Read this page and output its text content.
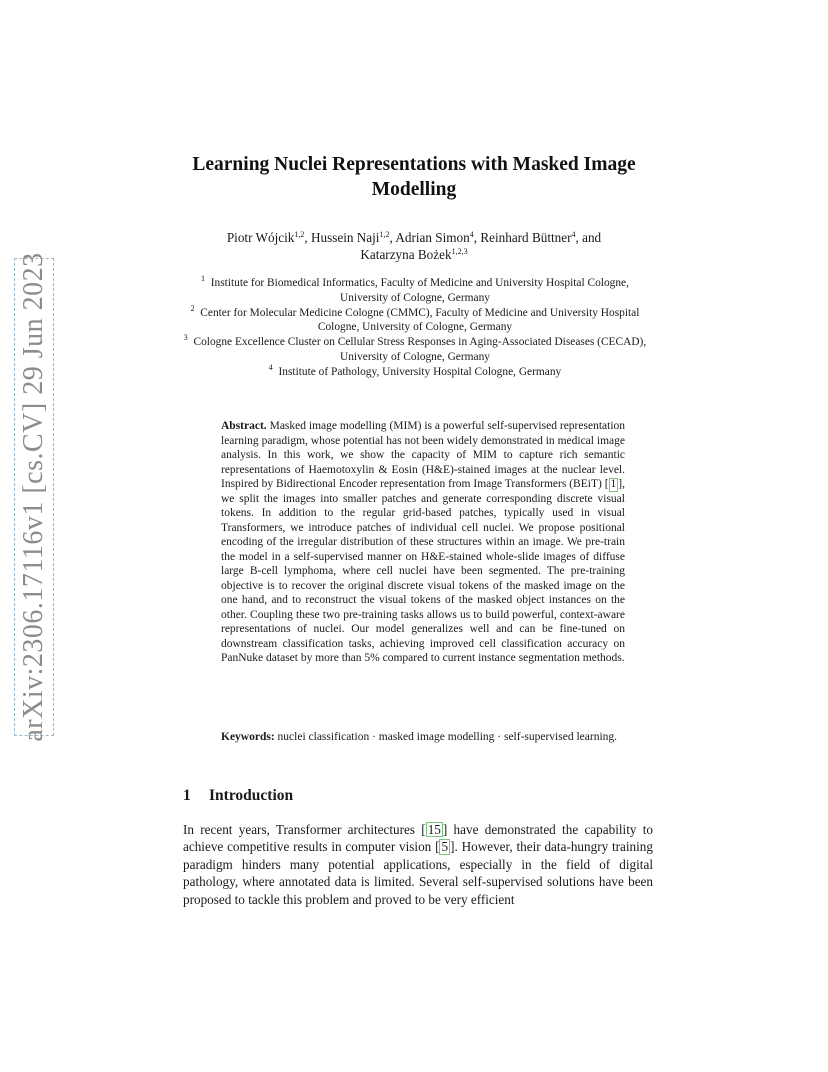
arXiv:2306.17116v1 [cs.CV] 29 Jun 2023
Learning Nuclei Representations with Masked Image Modelling
Piotr Wójcik$^{1,2}$, Hussein Naji$^{1,2}$, Adrian Simon$^4$, Reinhard Büttner$^4$, and
Katarzyna Bożek$^{1,2,3}$
$^1$ Institute for Biomedical Informatics, Faculty of Medicine and University Hospital Cologne, University of Cologne, Germany
$^2$ Center for Molecular Medicine Cologne (CMMC), Faculty of Medicine and University Hospital Cologne, University of Cologne, Germany
$^3$ Cologne Excellence Cluster on Cellular Stress Responses in Aging-Associated Diseases (CECAD), University of Cologne, Germany
$^4$ Institute of Pathology, University Hospital Cologne, Germany
Abstract. Masked image modelling (MIM) is a powerful self-supervised representation learning paradigm, whose potential has not been widely demonstrated in medical image analysis. In this work, we show the capacity of MIM to capture rich semantic representations of Haemotoxylin & Eosin (H&E)-stained images at the nuclear level. Inspired by Bidirectional Encoder representation from Image Transformers (BEiT) [ 1 ], we split the images into smaller patches and generate corresponding discrete visual tokens. In addition to the regular grid-based patches, typically used in visual Transformers, we introduce patches of individual cell nuclei. We propose positional encoding of the irregular distribution of these structures within an image. We pre-train the model in a self-supervised manner on H&E-stained whole-slide images of diffuse large B-cell lymphoma, where cell nuclei have been segmented. The pre-training objective is to recover the original discrete visual tokens of the masked image on the one hand, and to reconstruct the visual tokens of the masked object instances on the other. Coupling these two pre-training tasks allows us to build powerful, context-aware representations of nuclei. Our model generalizes well and can be fine-tuned on downstream classification tasks, achieving improved cell classification accuracy on PanNuke dataset by more than 5% compared to current instance segmentation methods.
Keywords: nuclei classification · masked image modelling · self-supervised learning.
1 Introduction
In recent years, Transformer architectures [ 15 ] have demonstrated the capability to achieve competitive results in computer vision [ 5 ]. However, their data-hungry training paradigm hinders many potential applications, especially in the field of digital pathology, where annotated data is limited. Several self-supervised solutions have been proposed to tackle this problem and proved to be very efficient
